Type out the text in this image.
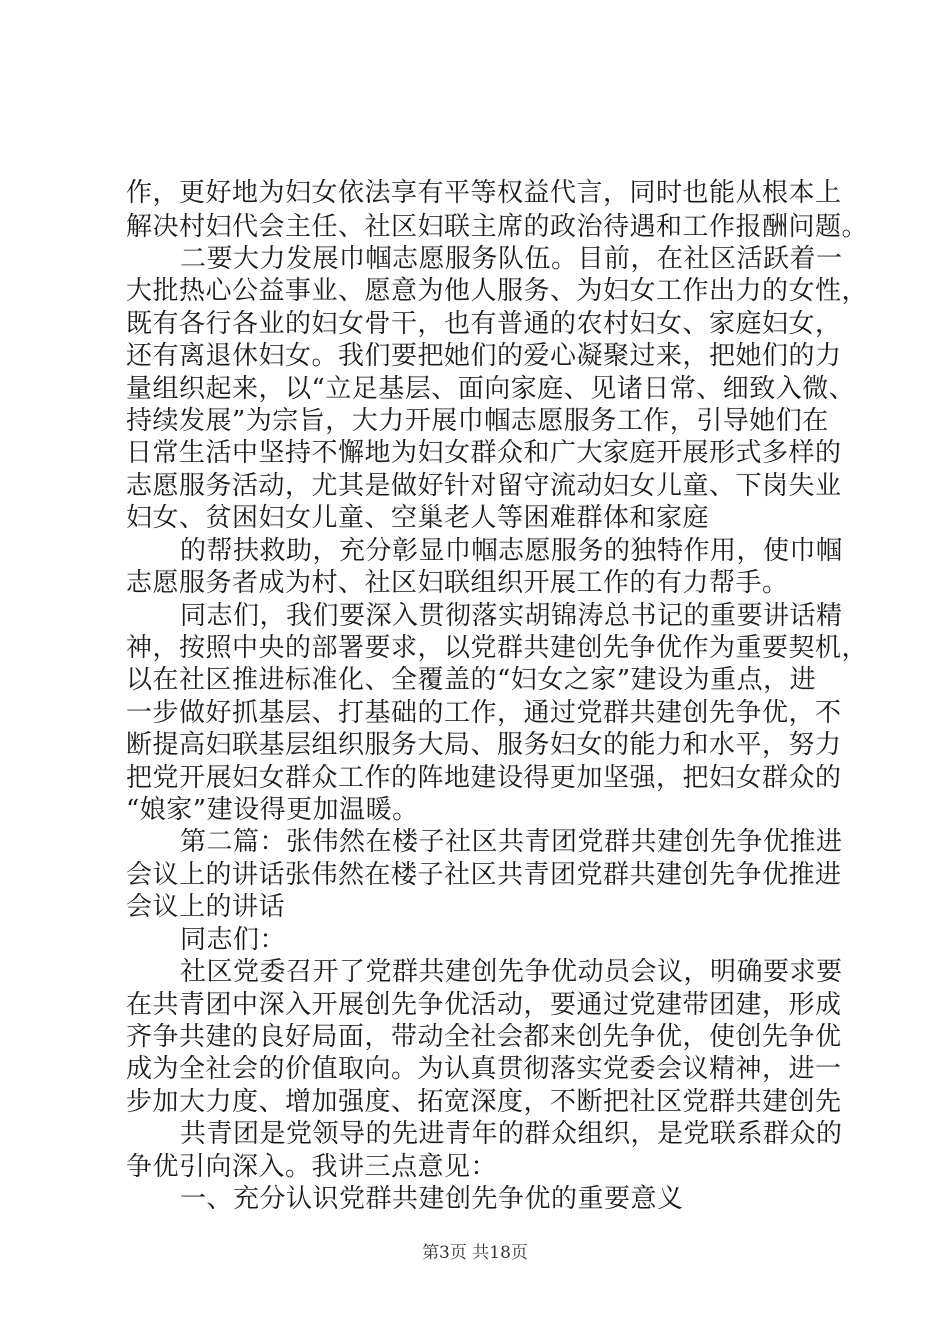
作，更好地为妇女依法享有平等权益代言，同时也能从根本上
解决村妇代会主任、社区妇联主席的政治待遇和工作报酬问题。
二要大力发展巾帼志愿服务队伍。目前，在社区活跃着一
大批热心公益事业、愿意为他人服务、为妇女工作出力的女性，
既有各行各业的妇女骨干，也有普通的农村妇女、家庭妇女，
还有离退休妇女。我们要把她们的爱心凝聚过来，把她们的力
量组织起来，以“立足基层、面向家庭、见诸日常、细致入微、
持续发展”为宗旨，大力开展巾帼志愿服务工作，引导她们在
日常生活中坚持不懈地为妇女群众和广大家庭开展形式多样的
志愿服务活动，尤其是做好针对留守流动妇女儿童、下岗失业
妇女、贫困妇女儿童、空巢老人等困难群体和家庭
的帮扶救助，充分彰显巾帼志愿服务的独特作用，使巾帼
志愿服务者成为村、社区妇联组织开展工作的有力帮手。
同志们，我们要深入贯彻落实胡锦涛总书记的重要讲话精
神，按照中央的部署要求，以党群共建创先争优作为重要契机，
以在社区推进标准化、全覆盖的“妇女之家”建设为重点，进
一步做好抓基层、打基础的工作，通过党群共建创先争优，不
断提高妇联基层组织服务大局、服务妇女的能力和水平，努力
把党开展妇女群众工作的阵地建设得更加坚强，把妇女群众的
“娘家”建设得更加温暖。
第二篇：张伟然在楼子社区共青团党群共建创先争优推进
会议上的讲话张伟然在楼子社区共青团党群共建创先争优推进
会议上的讲话
同志们：
社区党委召开了党群共建创先争优动员会议，明确要求要
在共青团中深入开展创先争优活动，要通过党建带团建，形成
齐争共建的良好局面，带动全社会都来创先争优，使创先争优
成为全社会的价值取向。为认真贯彻落实党委会议精神，进一
步加大力度、增加强度、拓宽深度，不断把社区党群共建创先
争优引向深入。我讲三点意见：
一、充分认识党群共建创先争优的重要意义
共青团是党领导的先进青年的群众组织，是党联系群众的
第3页 共18页
